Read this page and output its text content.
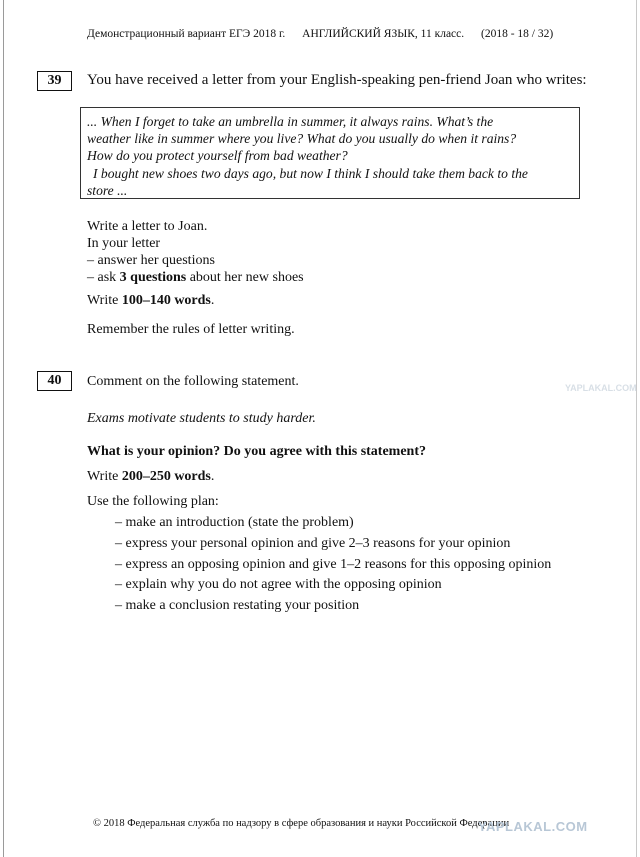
Демонстрационный вариант ЕГЭ 2018 г. АНГЛИЙСКИЙ ЯЗЫК, 11 класс. (2018 - 18 / 32)
39	You have received a letter from your English-speaking pen-friend Joan who writes:

... When I forget to take an umbrella in summer, it always rains. What’s the

weather like in summer where you live? What do you usually do when it rains?

How do you protect yourself from bad weather?

I bought new shoes two days ago, but now I think I should take them back to the

store ...

Write a letter to Joan.
In your letter
– answer her questions
– ask 3 questions about her new shoes
Write 100–140 words.
Remember the rules of letter writing.
40	Comment on the following statement.
Exams motivate students to study harder.
What is your opinion? Do you agree with this statement?
Write 200–250 words.
Use the following plan:
– make an introduction (state the problem)
– express your personal opinion and give 2–3 reasons for your opinion
– express an opposing opinion and give 1–2 reasons for this opposing opinion
– explain why you do not agree with the opposing opinion
– make a conclusion restating your position
© 2018 Федеральная служба по надзору в сфере образования и науки Российской Федерации
YAPLAKAL.COM
YAPLAKAL.COM
